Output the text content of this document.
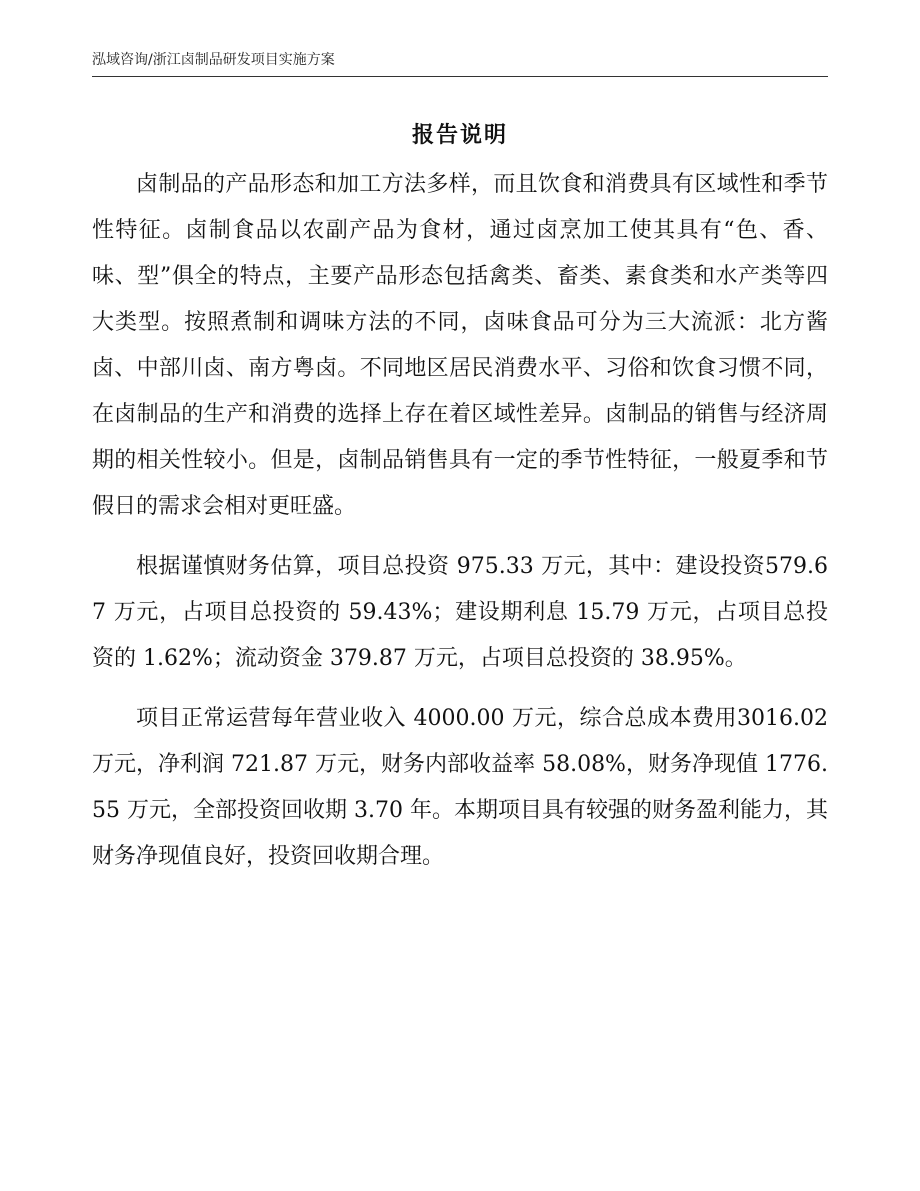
泓域咨询/浙江卤制品研发项目实施方案
报告说明

卤制品的产品形态和加工方法多样，而且饮食和消费具有区域性和季节性特征。卤制食品以农副产品为食材，通过卤烹加工使其具有“色、香、味、型”俱全的特点，主要产品形态包括禽类、畜类、素食类和水产类等四大类型。按照煮制和调味方法的不同，卤味食品可分为三大流派：北方酱卤、中部川卤、南方粤卤。不同地区居民消费水平、习俗和饮食习惯不同，在卤制品的生产和消费的选择上存在着区域性差异。卤制品的销售与经济周期的相关性较小。但是，卤制品销售具有一定的季节性特征，一般夏季和节假日的需求会相对更旺盛。

根据谨慎财务估算，项目总投资 975.33 万元，其中：建设投资579.67 万元，占项目总投资的 59.43%；建设期利息 15.79 万元，占项目总投资的 1.62%；流动资金 379.87 万元，占项目总投资的 38.95%。

项目正常运营每年营业收入 4000.00 万元，综合总成本费用3016.02 万元，净利润 721.87 万元，财务内部收益率 58.08%，财务净现值 1776.55 万元，全部投资回收期 3.70 年。本期项目具有较强的财务盈利能力，其财务净现值良好，投资回收期合理。
